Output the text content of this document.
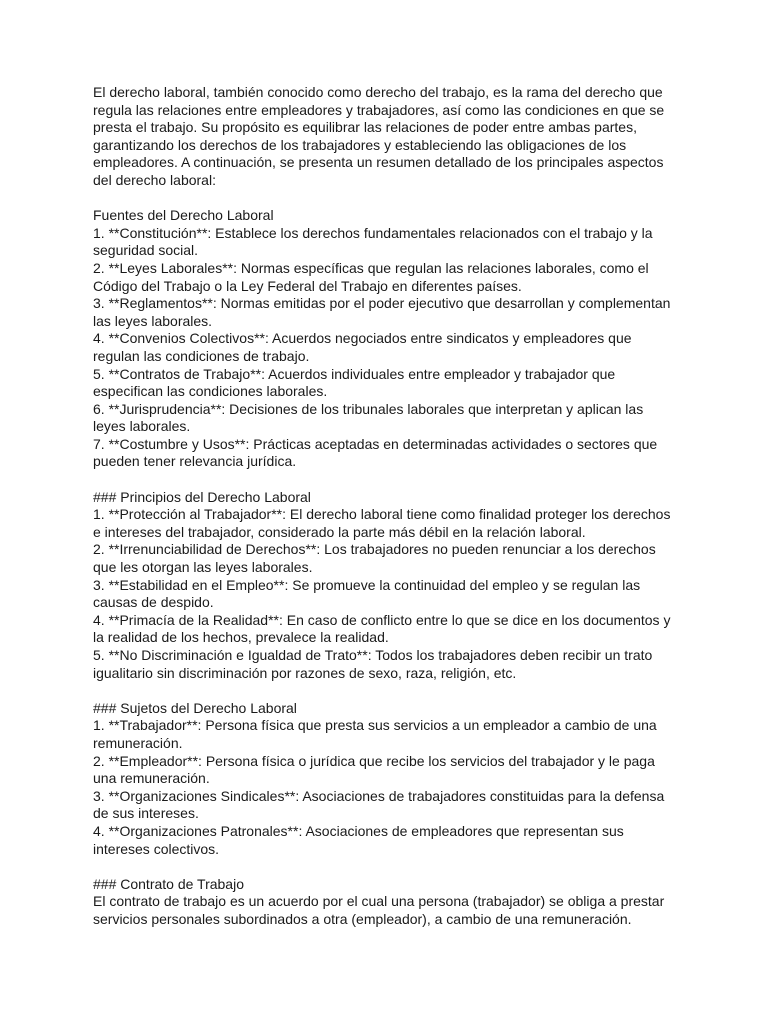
El derecho laboral, también conocido como derecho del trabajo, es la rama del derecho que regula las relaciones entre empleadores y trabajadores, así como las condiciones en que se presta el trabajo. Su propósito es equilibrar las relaciones de poder entre ambas partes, garantizando los derechos de los trabajadores y estableciendo las obligaciones de los empleadores. A continuación, se presenta un resumen detallado de los principales aspectos del derecho laboral:

Fuentes del Derecho Laboral

1. **Constitución**: Establece los derechos fundamentales relacionados con el trabajo y la seguridad social.

2. **Leyes Laborales**: Normas específicas que regulan las relaciones laborales, como el Código del Trabajo o la Ley Federal del Trabajo en diferentes países.

3. **Reglamentos**: Normas emitidas por el poder ejecutivo que desarrollan y complementan las leyes laborales.

4. **Convenios Colectivos**: Acuerdos negociados entre sindicatos y empleadores que regulan las condiciones de trabajo.

5. **Contratos de Trabajo**: Acuerdos individuales entre empleador y trabajador que especifican las condiciones laborales.

6. **Jurisprudencia**: Decisiones de los tribunales laborales que interpretan y aplican las leyes laborales.

7. **Costumbre y Usos**: Prácticas aceptadas en determinadas actividades o sectores que pueden tener relevancia jurídica.

### Principios del Derecho Laboral

1. **Protección al Trabajador**: El derecho laboral tiene como finalidad proteger los derechos e intereses del trabajador, considerado la parte más débil en la relación laboral.

2. **Irrenunciabilidad de Derechos**: Los trabajadores no pueden renunciar a los derechos que les otorgan las leyes laborales.

3. **Estabilidad en el Empleo**: Se promueve la continuidad del empleo y se regulan las causas de despido.

4. **Primacía de la Realidad**: En caso de conflicto entre lo que se dice en los documentos y la realidad de los hechos, prevalece la realidad.

5. **No Discriminación e Igualdad de Trato**: Todos los trabajadores deben recibir un trato igualitario sin discriminación por razones de sexo, raza, religión, etc.

### Sujetos del Derecho Laboral

1. **Trabajador**: Persona física que presta sus servicios a un empleador a cambio de una remuneración.

2. **Empleador**: Persona física o jurídica que recibe los servicios del trabajador y le paga una remuneración.

3. **Organizaciones Sindicales**: Asociaciones de trabajadores constituidas para la defensa de sus intereses.

4. **Organizaciones Patronales**: Asociaciones de empleadores que representan sus intereses colectivos.

### Contrato de Trabajo

El contrato de trabajo es un acuerdo por el cual una persona (trabajador) se obliga a prestar servicios personales subordinados a otra (empleador), a cambio de una remuneración.
